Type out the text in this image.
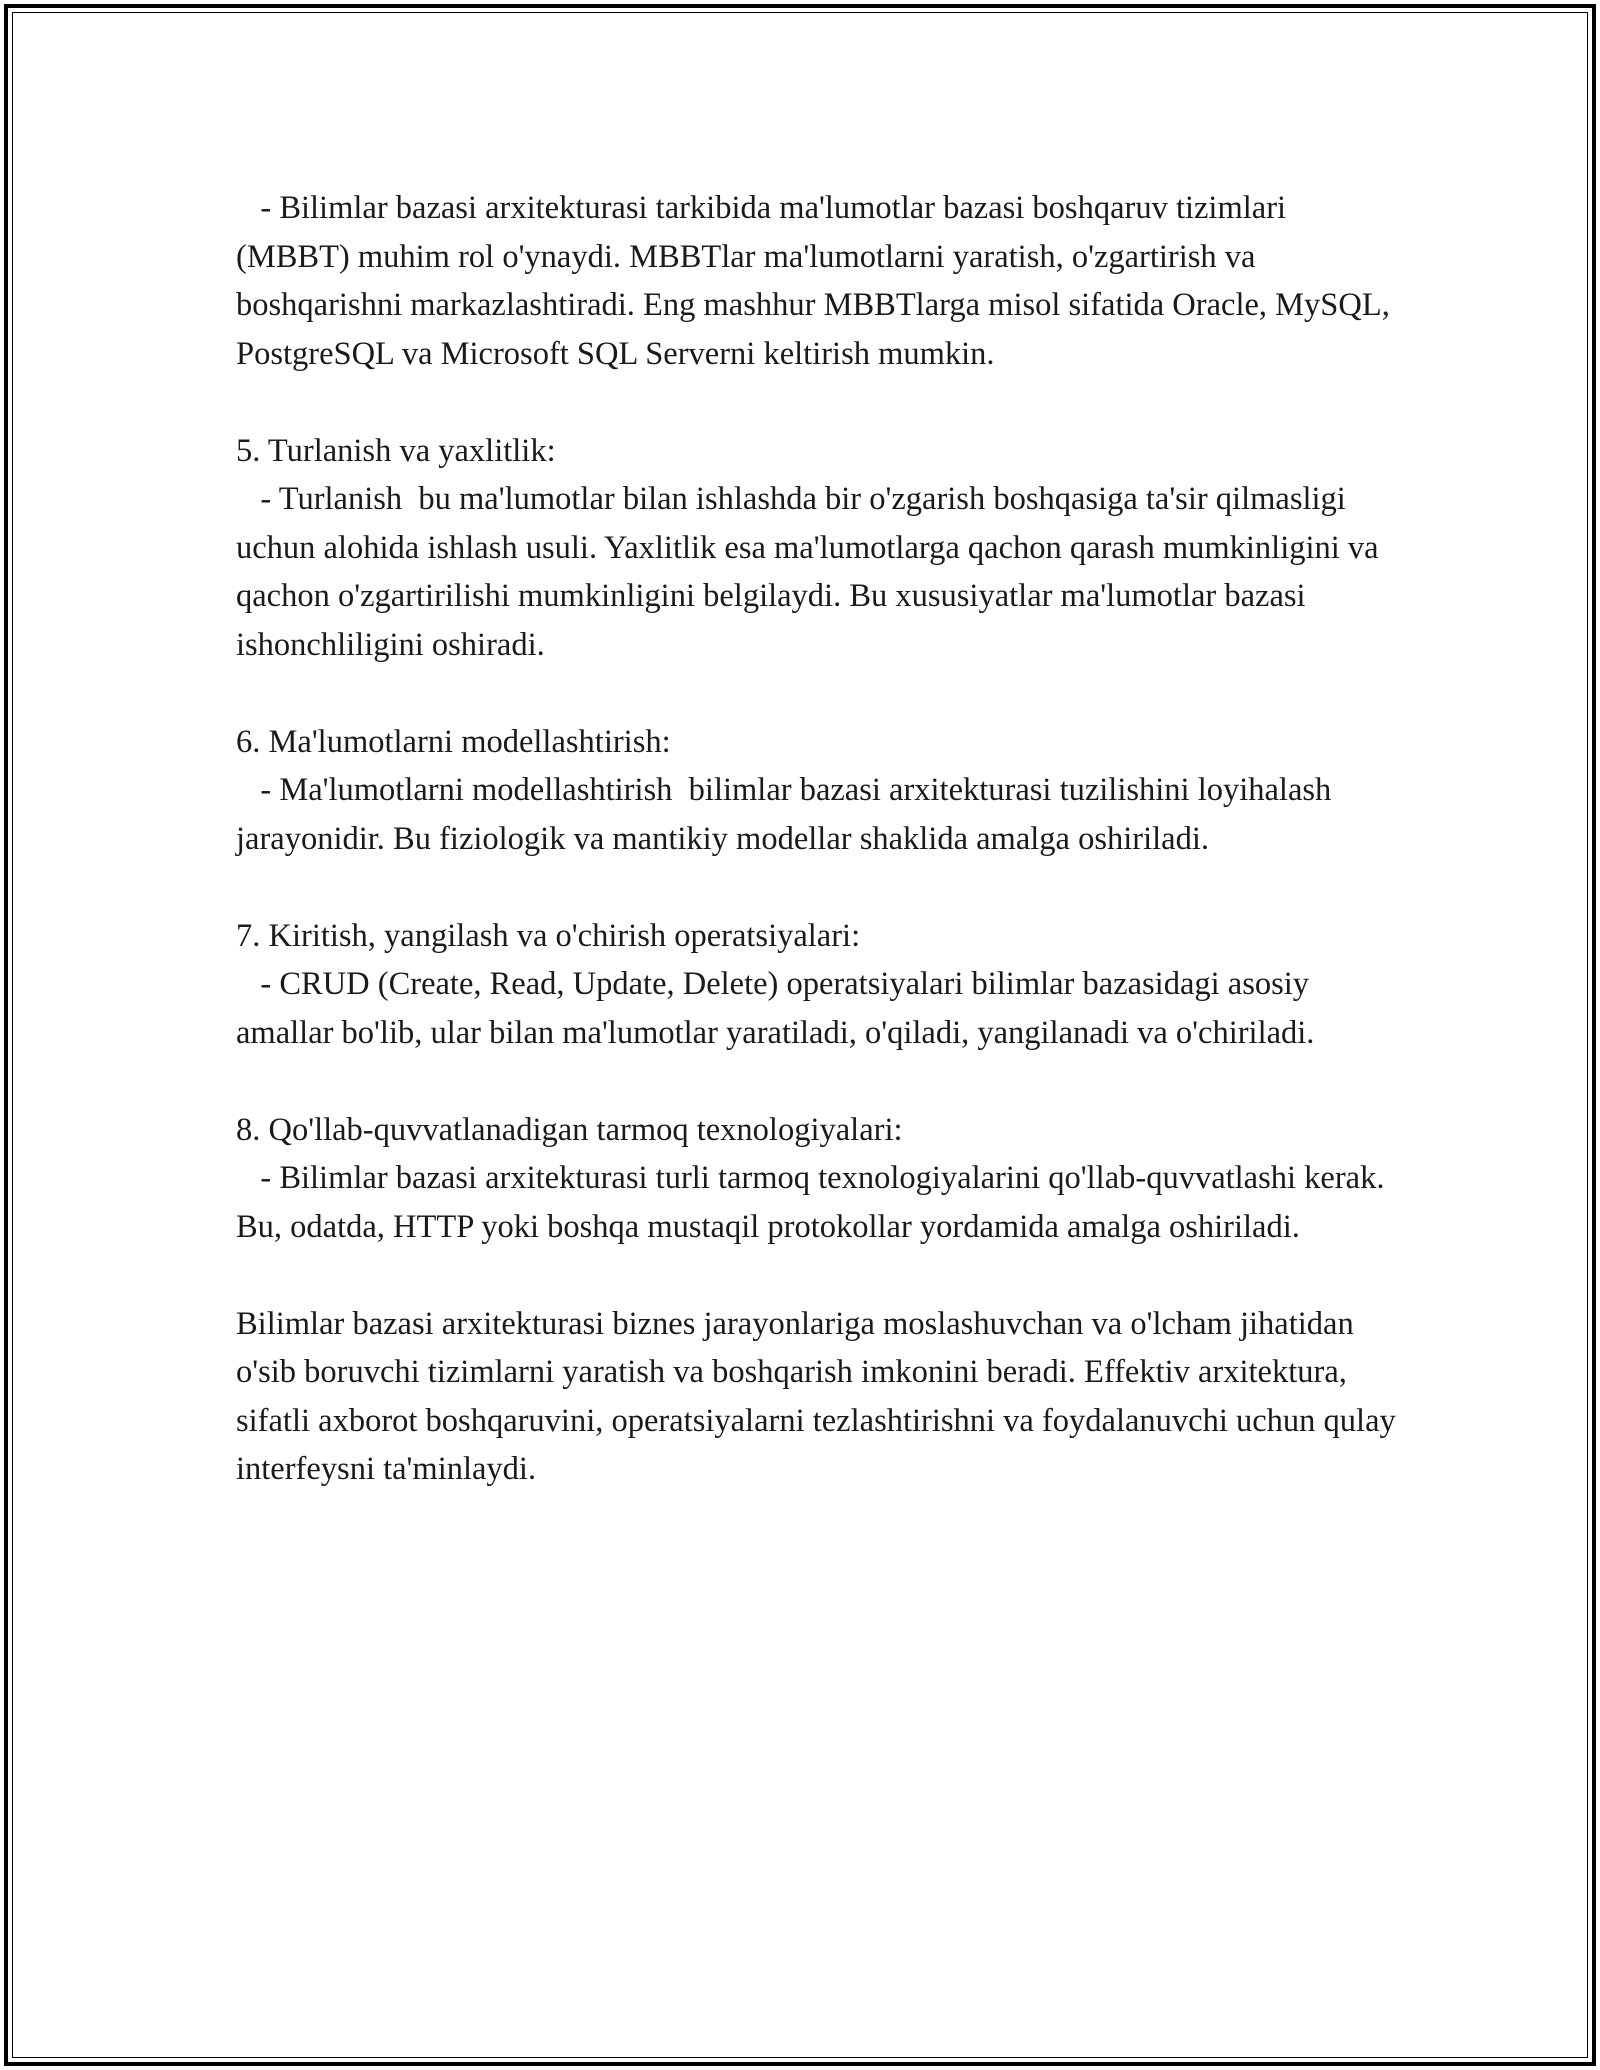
- Bilimlar bazasi arxitekturasi tarkibida ma'lumotlar bazasi boshqaruv tizimlari (MBBT) muhim rol o'ynaydi. MBBTlar ma'lumotlarni yaratish, o'zgartirish va boshqarishni markazlashtiradi. Eng mashhur MBBTlarga misol sifatida Oracle, MySQL, PostgreSQL va Microsoft SQL Serverni keltirish mumkin.

5. Turlanish va yaxlitlik:

- Turlanish  bu ma'lumotlar bilan ishlashda bir o'zgarish boshqasiga ta'sir qilmasligi uchun alohida ishlash usuli. Yaxlitlik esa ma'lumotlarga qachon qarash mumkinligini va qachon o'zgartirilishi mumkinligini belgilaydi. Bu xususiyatlar ma'lumotlar bazasi ishonchliligini oshiradi.

6. Ma'lumotlarni modellashtirish:

- Ma'lumotlarni modellashtirish  bilimlar bazasi arxitekturasi tuzilishini loyihalash jarayonidir. Bu fiziologik va mantikiy modellar shaklida amalga oshiriladi.

7. Kiritish, yangilash va o'chirish operatsiyalari:

- CRUD (Create, Read, Update, Delete) operatsiyalari bilimlar bazasidagi asosiy amallar bo'lib, ular bilan ma'lumotlar yaratiladi, o'qiladi, yangilanadi va o'chiriladi.

8. Qo'llab-quvvatlanadigan tarmoq texnologiyalari:

- Bilimlar bazasi arxitekturasi turli tarmoq texnologiyalarini qo'llab-quvvatlashi kerak. Bu, odatda, HTTP yoki boshqa mustaqil protokollar yordamida amalga oshiriladi.

Bilimlar bazasi arxitekturasi biznes jarayonlariga moslashuvchan va o'lcham jihatidan o'sib boruvchi tizimlarni yaratish va boshqarish imkonini beradi. Effektiv arxitektura, sifatli axborot boshqaruvini, operatsiyalarni tezlashtirishni va foydalanuvchi uchun qulay interfeysni ta'minlaydi.
